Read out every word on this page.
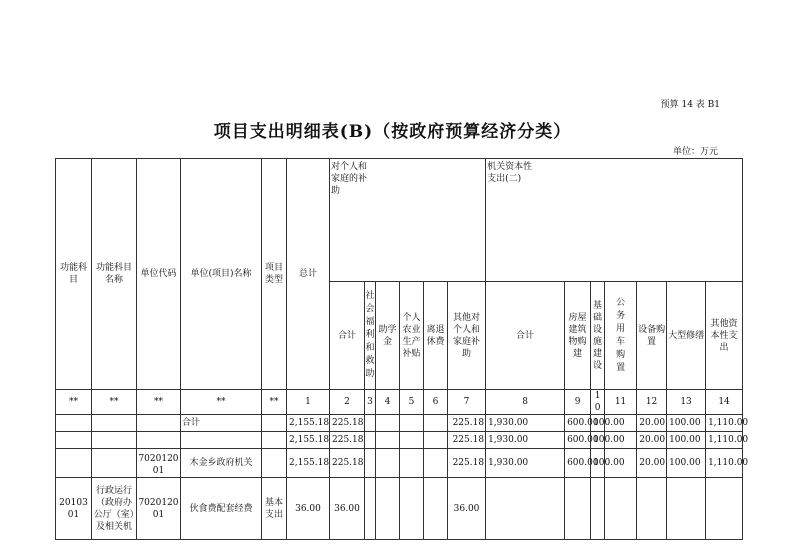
预算 14 表 B1
项目支出明细表(B)（按政府预算经济分类）
单位：万元
功能科目	功能科目名称	单位代码	单位(项目)名称	项目类型	总计	对个人和家庭的补助						机关资本性支出(二)

						合计	社会福利和救助	助学金	个人农业生产补贴	离退休费	其他对个人和家庭补助	合计	房屋建筑物购建	基础设施建设	公务用车购置	设备购置	大型修缮	其他资本性支出	
**	**	**	**	**	1	2	3	4	5	6	7	8	9	10	11	12	13	14	
			合计		2,155.18	225.18					225.18	1,930.00	600.00	100.00		20.00	100.00	1,110.00	
					2,155.18	225.18					225.18	1,930.00	600.00	100.00		20.00	100.00	1,110.00	
		702012001	木金乡政府机关		2,155.18	225.18					225.18	1,930.00	600.00	100.00		20.00	100.00	1,110.00	
2010301	行政运行（政府办公厅（室）及相关机	702012001	伙食费配套经费	基本支出	36.00	36.00					36.00								
